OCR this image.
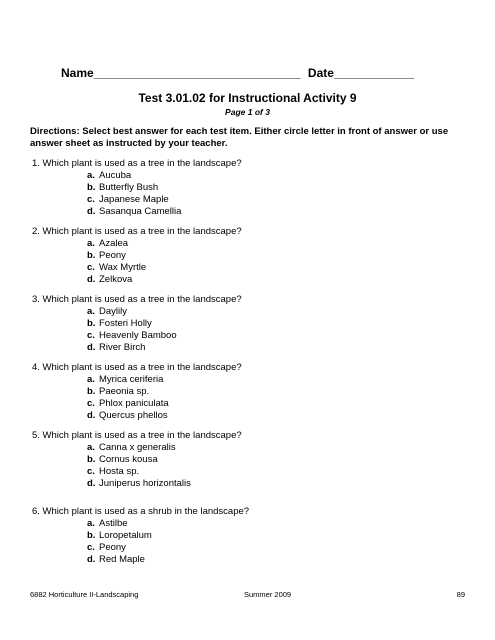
Name_______________________________ Date____________
Test 3.01.02 for Instructional Activity 9
Page 1 of 3
Directions: Select best answer for each test item. Either circle letter in front of answer or use answer sheet as instructed by your teacher.
1. Which plant is used as a tree in the landscape?
a. Aucuba
b. Butterfly Bush
c. Japanese Maple
d. Sasanqua Camellia
2. Which plant is used as a tree in the landscape?
a. Azalea
b. Peony
c. Wax Myrtle
d. Zelkova
3. Which plant is used as a tree in the landscape?
a. Daylily
b. Fosteri Holly
c. Heavenly Bamboo
d. River Birch
4. Which plant is used as a tree in the landscape?
a. Myrica ceriferia
b. Paeonia sp.
c. Phlox paniculata
d. Quercus phellos
5. Which plant is used as a tree in the landscape?
a. Canna x generalis
b. Cornus kousa
c. Hosta sp.
d. Juniperus horizontalis
6. Which plant is used as a shrub in the landscape?
a. Astilbe
b. Loropetalum
c. Peony
d. Red Maple
6882 Horticulture II-Landscaping	Summer 2009	89
